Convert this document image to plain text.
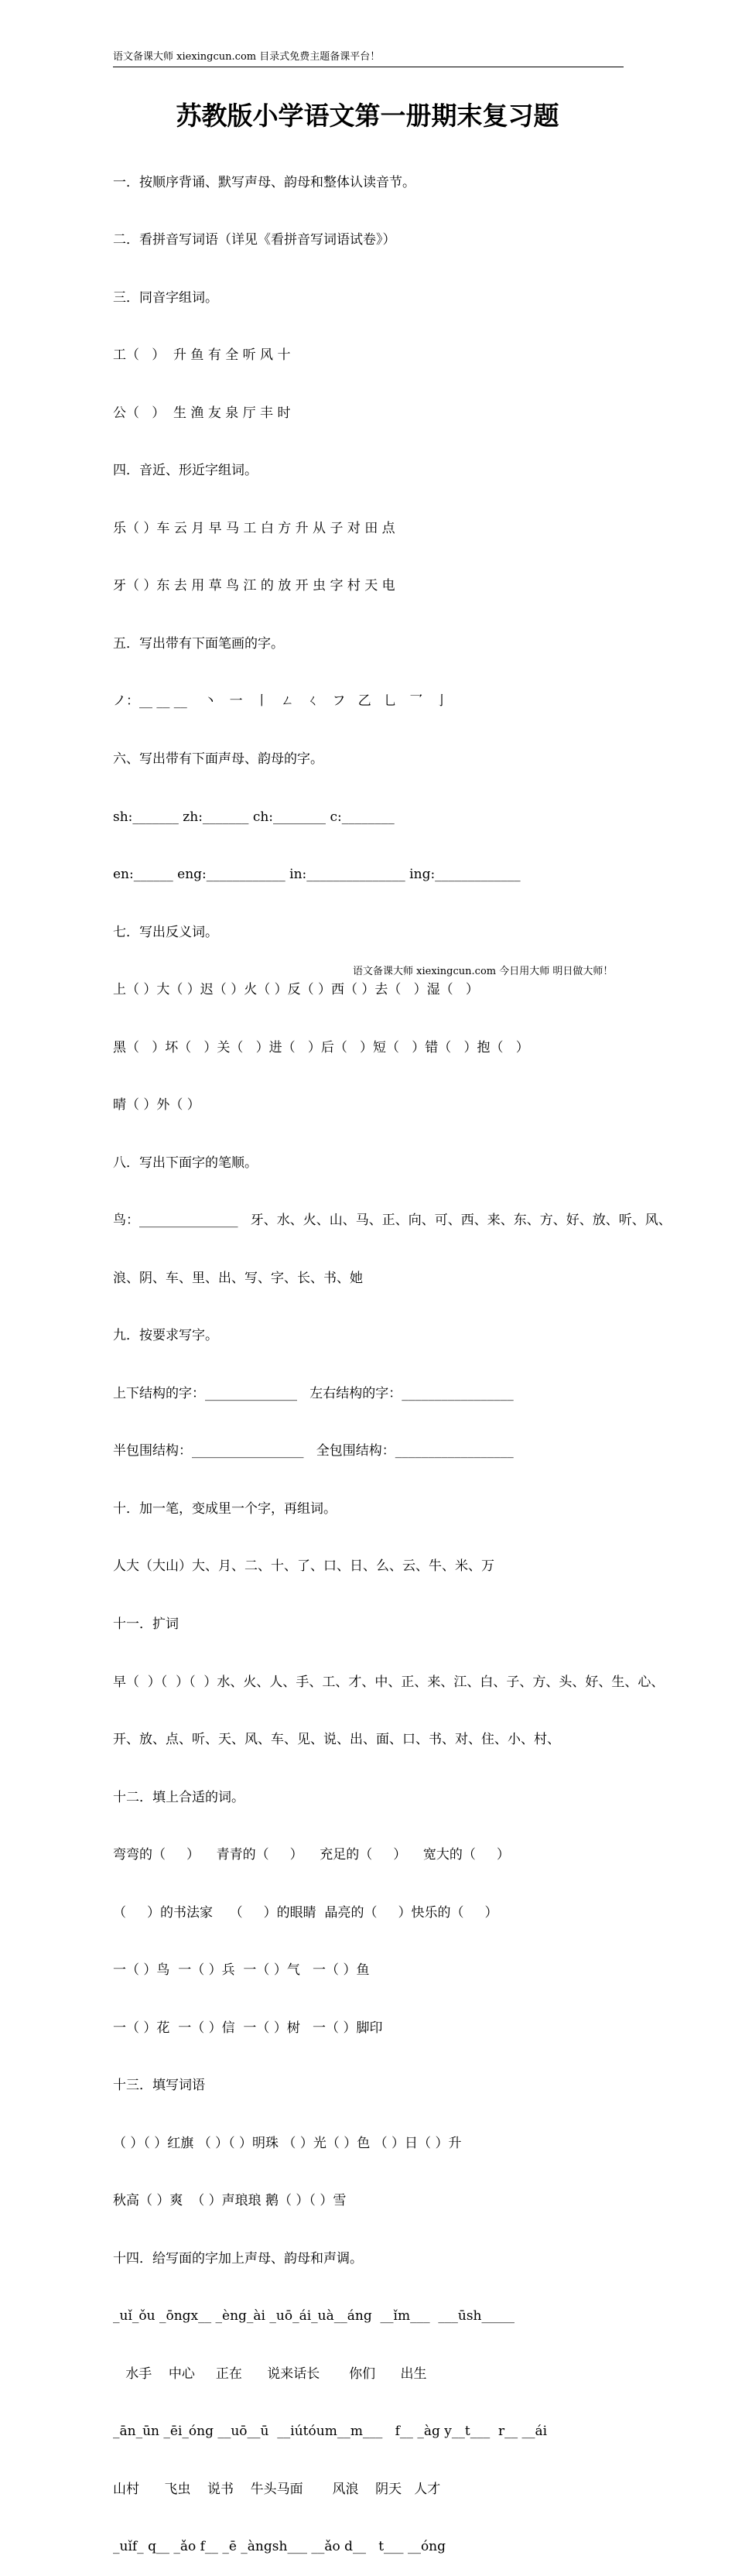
语文备课大师 xiexingcun.com 目录式免费主题备课平台！
苏教版小学语文第一册期末复习题

一．按顺序背诵、默写声母、韵母和整体认读音节。

二．看拼音写词语（详见《看拼音写词语试卷》）

三．同音字组词。

工（   ）  升 鱼 有 全 听 风 十

公（   ）  生 渔 友 泉 厅 丰 时

四．音近、形近字组词。

乐（ ）车 云 月 早 马 工 白 方 升 从 子 对 田 点

牙（ ）东 去 用 草 鸟 江 的 放 开 虫 字 村 天 电

五．写出带有下面笔画的字。

ノ：__ __ __    丶   一   丨   ㄥ   ㄑ   フ   乙   乚   乛   亅

六、写出带有下面声母、韵母的字。

sh:_______ zh:_______ ch:________ c:________

en:______ eng:____________ in:_______________ ing:_____________

七．写出反义词。

上（ ）大（ ）迟（ ）火（ ）反（ ）西（ ）去（   ）湿（   ）

黑（   ）坏（   ）关（   ）进（   ）后（   ）短（   ）错（   ）抱（   ）

晴（ ）外（ ）

八．写出下面字的笔顺。

鸟：_______________   牙、水、火、山、马、正、向、可、西、来、东、方、好、放、听、风、

浪、阴、车、里、出、写、字、长、书、她

九．按要求写字。

上下结构的字：______________   左右结构的字：_________________

半包围结构：_________________   全包围结构：__________________

十．加一笔，变成里一个字，再组词。

人大（大山）大、月、二、十、了、口、日、么、云、牛、米、万

十一．扩词

早（  ）（  ）（  ）水、火、人、手、工、才、中、正、来、江、白、子、方、头、好、生、心、

开、放、点、听、天、风、车、见、说、出、面、口、书、对、住、小、村、

十二．填上合适的词。

弯弯的（     ）    青青的（     ）    充足的（     ）    宽大的（     ）

（     ）的书法家    （     ）的眼睛  晶亮的（     ）快乐的（     ）

一（ ）鸟  一（ ）兵  一（ ）气   一（ ）鱼

一（ ）花  一（ ）信  一（ ）树   一（ ）脚印

十三．填写词语

（ ）（ ）红旗 （ ）（ ）明珠 （ ）光（ ）色 （ ）日（ ）升

秋高（ ）爽  （ ）声琅琅 鹅（ ）（ ）雪

十四．给写面的字加上声母、韵母和声调。

_uǐ_ǒu _ōngx__ _èng_ài _uō_ái_uà__áng  __ǐm___  ___ūsh_____

水手    中心     正在      说来话长       你们      出生

_ān_ūn _ēi_óng __uō__ū  __iútóum__m___   f__ _àg y__t___  r__ __ái

山村      飞虫    说书    牛头马面       风浪    阴天   人才

_uǐf_ q__ _ǎo f__ _ē _àngsh___ __ǎo d__   t___ __óng

语文备课大师 xiexingcun.com 今日用大师 明日做大师！
